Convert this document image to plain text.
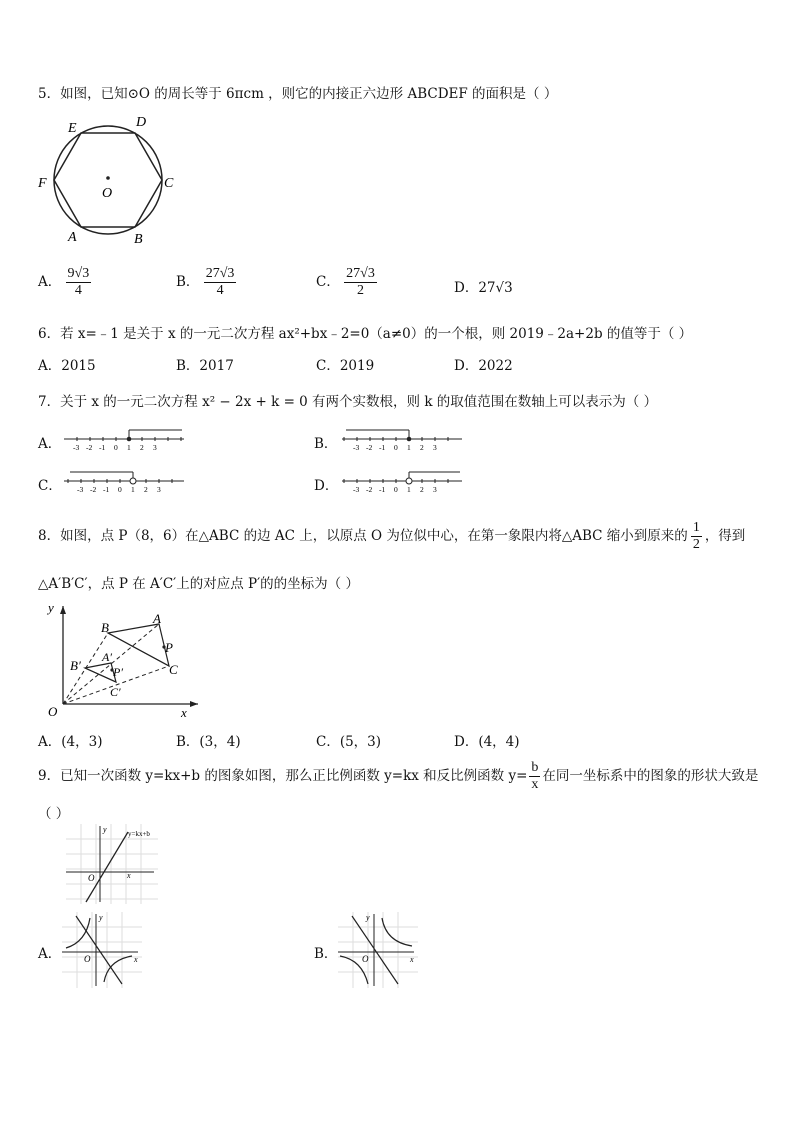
5．如图，已知⊙O 的周长等于 6πcm ，则它的内接正六边形 ABCDEF 的面积是（ ）
E	D
C
F
O
A	B
A． $\frac{9√3}{4}$	B． $\frac{27√3}{4}$	C． $\frac{27√3}{2}$	D．27√3
6．若 x=﹣1 是关于 x 的一元二次方程 ax²+bx﹣2=0（a≠0）的一个根，则 2019﹣2a+2b 的值等于（ ）
A．2015	B．2017	C．2019	D．2022
7．关于 x 的一元二次方程 x² − 2x + k = 0 有两个实数根，则 k 的取值范围在数轴上可以表示为（ ）
A．	B．
C．	D．
-3 -2 -1 0 1 2 3	-3 -2 -1 0 1 2 3
-3 -2 -1 0 1 2 3	-3 -2 -1 0 1 2 3
8．如图，点 P（8，6）在△ABC 的边 AC 上，以原点 O 为位似中心，在第一象限内将△ABC 缩小到原来的 $\frac{1}{2}$ ，得到
△A′B′C′，点 P 在 A′C′上的对应点 P′的的坐标为（ ）
y
x
O
B
A
P
C
B′
A′
P′
C′
A．(4，3)	B．(3，4)	C．(5，3)	D．(4，4)
9．已知一次函数 y=kx+b 的图象如图，那么正比例函数 y=kx 和反比例函数 $y= \frac{b}{x}$ 在同一坐标系中的图象的形状大致是
（ ）
y=kx+b
O	x
y
A．	O	x
y
B．	O	x
y
